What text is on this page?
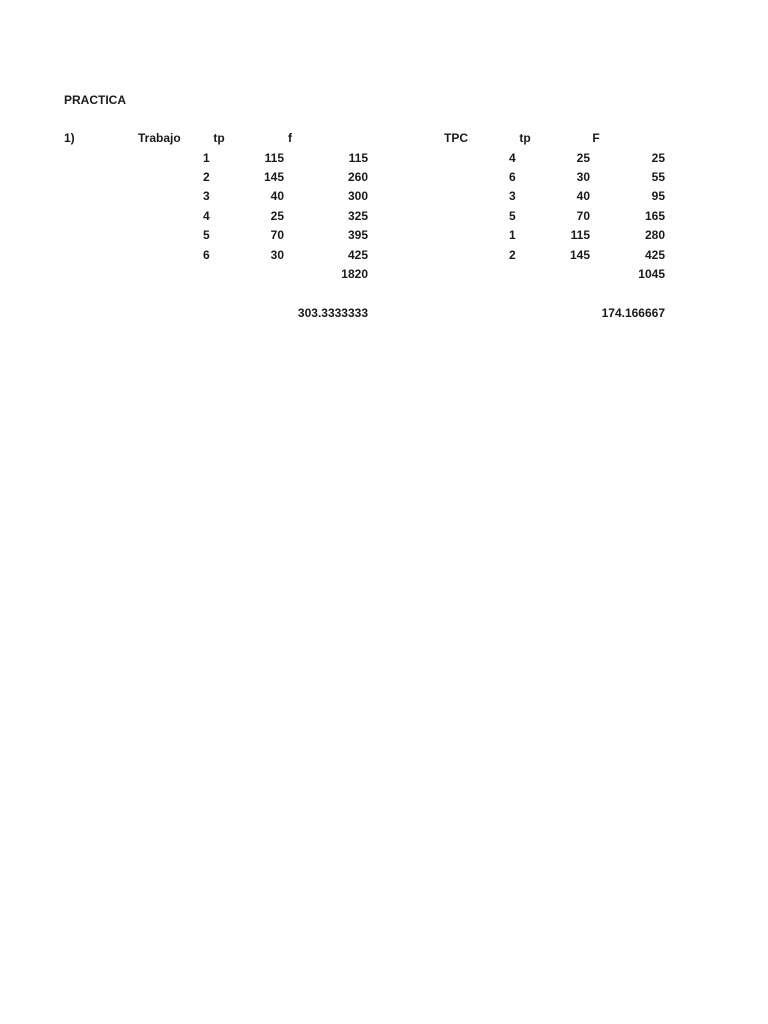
PRACTICA
1)	Trabajo	tp	f
1	115	115
2	145	260
3	40	300
4	25	325
5	70	395
6	30	425
1820
303.3333333
TPC	tp	F
4	25	25
6	30	55
3	40	95
5	70	165
1	115	280
2	145	425
1045
174.166667
